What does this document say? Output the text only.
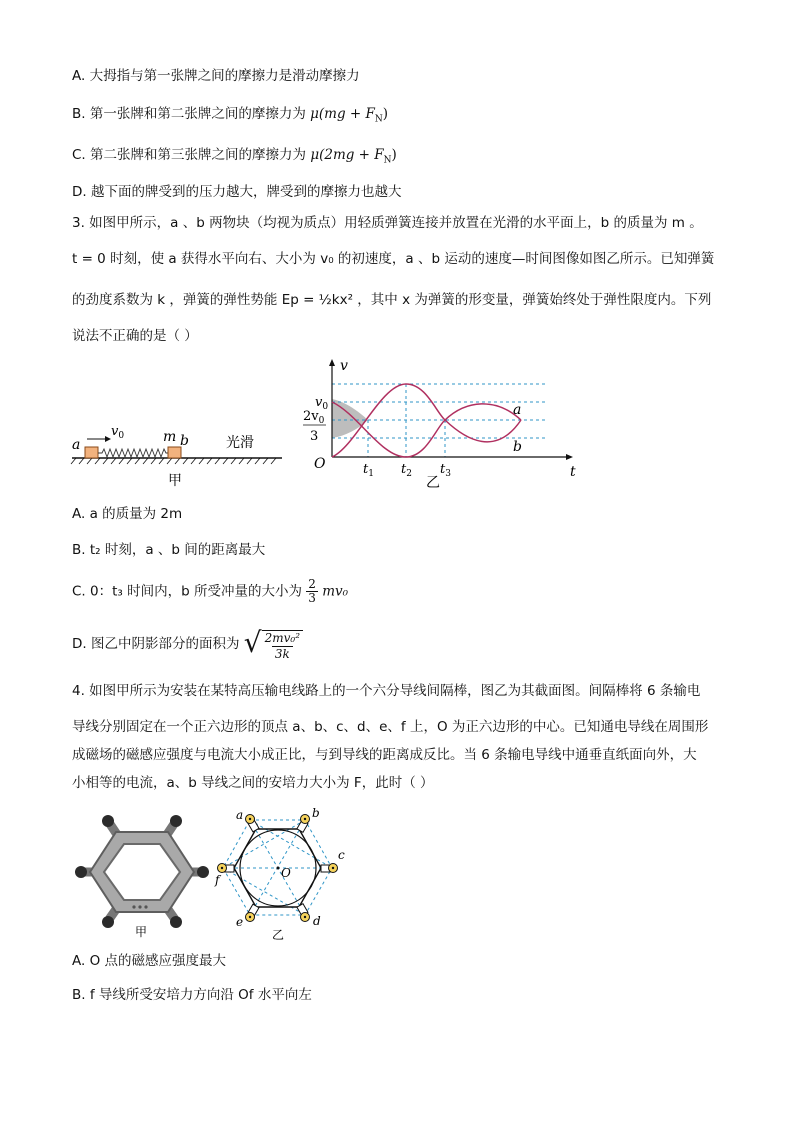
A. 大拇指与第一张牌之间的摩擦力是滑动摩擦力
B. 第一张牌和第二张牌之间的摩擦力为 $\mu(mg + F_N)$
C. 第二张牌和第三张牌之间的摩擦力为 $\mu(2mg + F_N)$
D. 越下面的牌受到的压力越大，牌受到的摩擦力也越大
3. 如图甲所示，a 、b 两物块（均视为质点）用轻质弹簧连接并放置在光滑的水平面上，b 的质量为 m 。
t = 0 时刻，使 a 获得水平向右、大小为 v₀ 的初速度，a 、b 运动的速度—时间图像如图乙所示。已知弹簧
的劲度系数为 k ，弹簧的弹性势能 Ep = ½kx² ，其中 x 为弹簧的形变量，弹簧始终处于弹性限度内。下列
说法不正确的是（ ）
a
$v_0$	m b	光滑
甲
v
t
O
$v_0$
$2v_0$
3
$t_1$ $t_2$ $t_3$
a
b
乙
A. a 的质量为 2m
B. t₂ 时刻，a 、b 间的距离最大
C. 0：t₃ 时间内，b 所受冲量的大小为 $\frac{2}{3} mv_0$
D. 图乙中阴影部分的面积为 √ $\frac{\text{2mv₀²}}{3k}$
4. 如图甲所示为安装在某特高压输电线路上的一个六分导线间隔棒，图乙为其截面图。间隔棒将 6 条输电
导线分别固定在一个正六边形的顶点 a、b、c、d、e、f 上，O 为正六边形的中心。已知通电导线在周围形
成磁场的磁感应强度与电流大小成正比，与到导线的距离成反比。当 6 条输电导线中通垂直纸面向外，大
小相等的电流，a、b 导线之间的安培力大小为 F，此时（ ）
甲
a	b
c
d
e
f	O
乙
A. O 点的磁感应强度最大
B. f 导线所受安培力方向沿 Of 水平向左
